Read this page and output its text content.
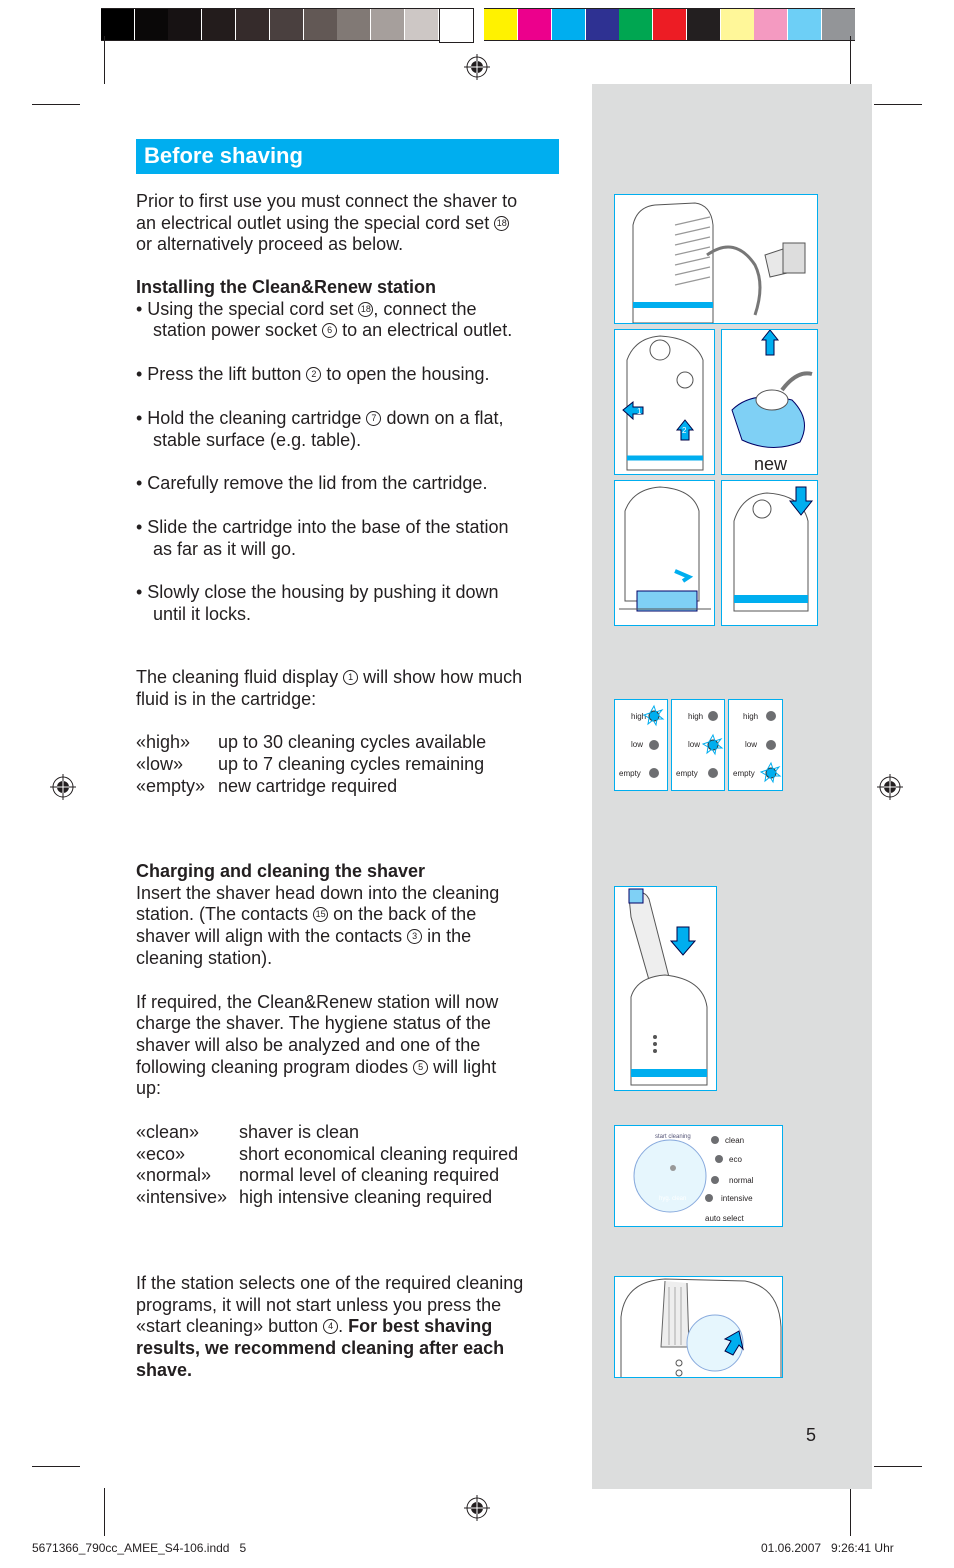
Before shaving

Prior to first use you must connect the shaver to

an electrical outlet using the special cord set 18

or alternatively proceed as below.

Installing the Clean&Renew station

• Using the special cord set 18 , connect the
station power socket 6 to an electrical outlet.

• Press the lift button 2 to open the housing.

• Hold the cleaning cartridge 7 down on a flat,
stable surface (e.g. table).

• Carefully remove the lid from the cartridge.

• Slide the cartridge into the base of the station
as far as it will go.

• Slowly close the housing by pushing it down
until it locks.

The cleaning fluid display 1 will show how much

fluid is in the cartridge:

«high» up to 30 cleaning cycles available

«low» up to 7 cleaning cycles remaining

«empty» new cartridge required

Charging and cleaning the shaver

Insert the shaver head down into the cleaning

station. (The contacts 15 on the back of the

shaver will align with the contacts 3 in the

cleaning station).

If required, the Clean&Renew station will now

charge the shaver. The hygiene status of the

shaver will also be analyzed and one of the

following cleaning program diodes 5 will light

up:

«clean» shaver is clean

«eco»	short economical cleaning required

«normal» normal level of cleaning required

«intensive» high intensive cleaning required

If the station selects one of the required cleaning

programs, it will not start unless you press the

«start cleaning» button 4 . For best shaving

results, we recommend cleaning after each

shave.

1
2
new
high
low
empty
high
low
empty
high
low
empty
start cleaning
hyg. clean
clean
eco
normal
intensive
auto select
5
5671366_790cc_AMEE_S4-106.indd   5	01.06.2007   9:26:41 Uhr
